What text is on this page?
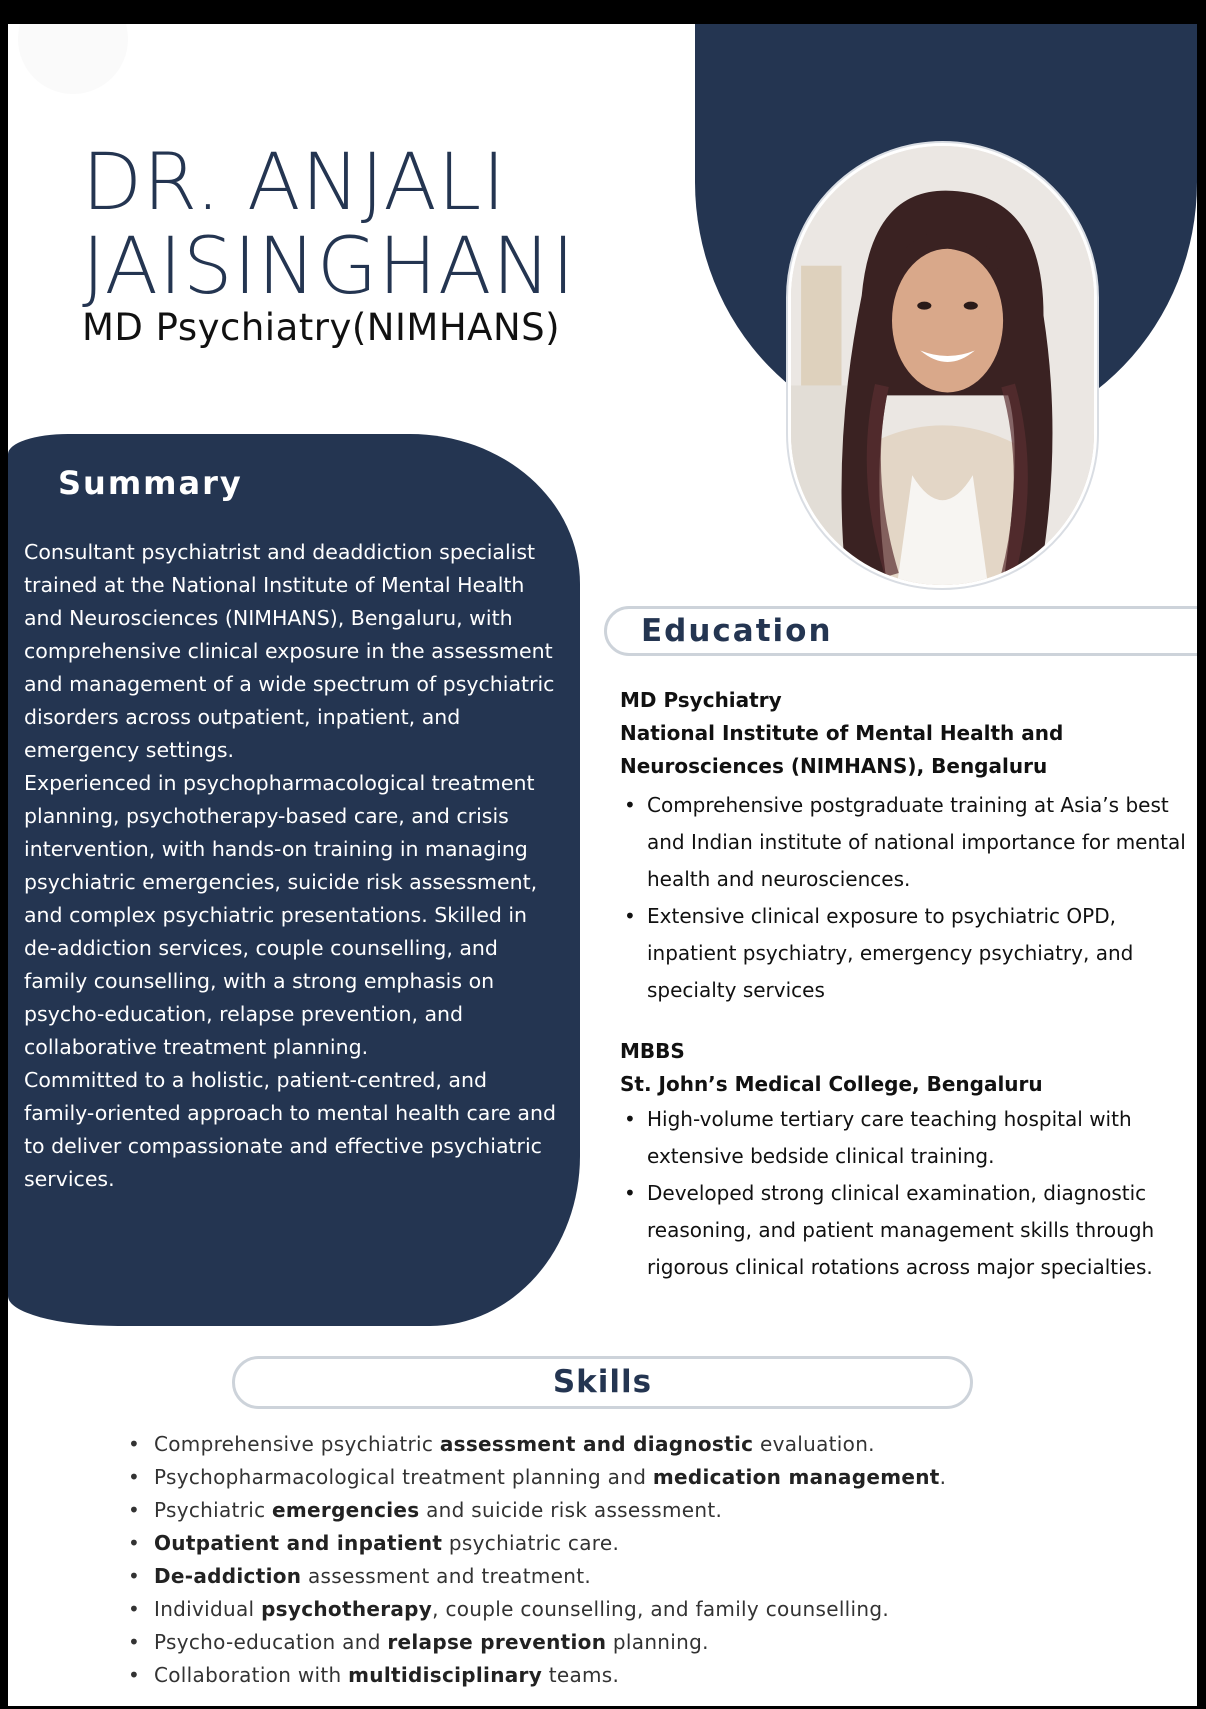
DR. ANJALI
JAISINGHANI

MD Psychiatry(NIMHANS)

Summary

Consultant psychiatrist and deaddiction specialist trained at the National Institute of Mental Health and Neurosciences (NIMHANS), Bengaluru, with comprehensive clinical exposure in the assessment and management of a wide spectrum of psychiatric disorders across outpatient, inpatient, and emergency settings.
Experienced in psychopharmacological treatment planning, psychotherapy-based care, and crisis intervention, with hands-on training in managing psychiatric emergencies, suicide risk assessment, and complex psychiatric presentations. Skilled in de-addiction services, couple counselling, and family counselling, with a strong emphasis on psycho-education, relapse prevention, and collaborative treatment planning.
Committed to a holistic, patient-centred, and family-oriented approach to mental health care and to deliver compassionate and effective psychiatric services.

Education

MD Psychiatry

National Institute of Mental Health and Neurosciences (NIMHANS), Bengaluru

• Comprehensive postgraduate training at Asia’s best and Indian institute of national importance for mental health and neurosciences.
• Extensive clinical exposure to psychiatric OPD, inpatient psychiatry, emergency psychiatry, and specialty services

MBBS

St. John’s Medical College, Bengaluru

• High-volume tertiary care teaching hospital with extensive bedside clinical training.
• Developed strong clinical examination, diagnostic reasoning, and patient management skills through rigorous clinical rotations across major specialties.
Skills
• Comprehensive psychiatric assessment and diagnostic evaluation.
• Psychopharmacological treatment planning and medication management.
• Psychiatric emergencies and suicide risk assessment.
• Outpatient and inpatient psychiatric care.
• De-addiction assessment and treatment.
• Individual psychotherapy, couple counselling, and family counselling.
• Psycho-education and relapse prevention planning.
• Collaboration with multidisciplinary teams.
